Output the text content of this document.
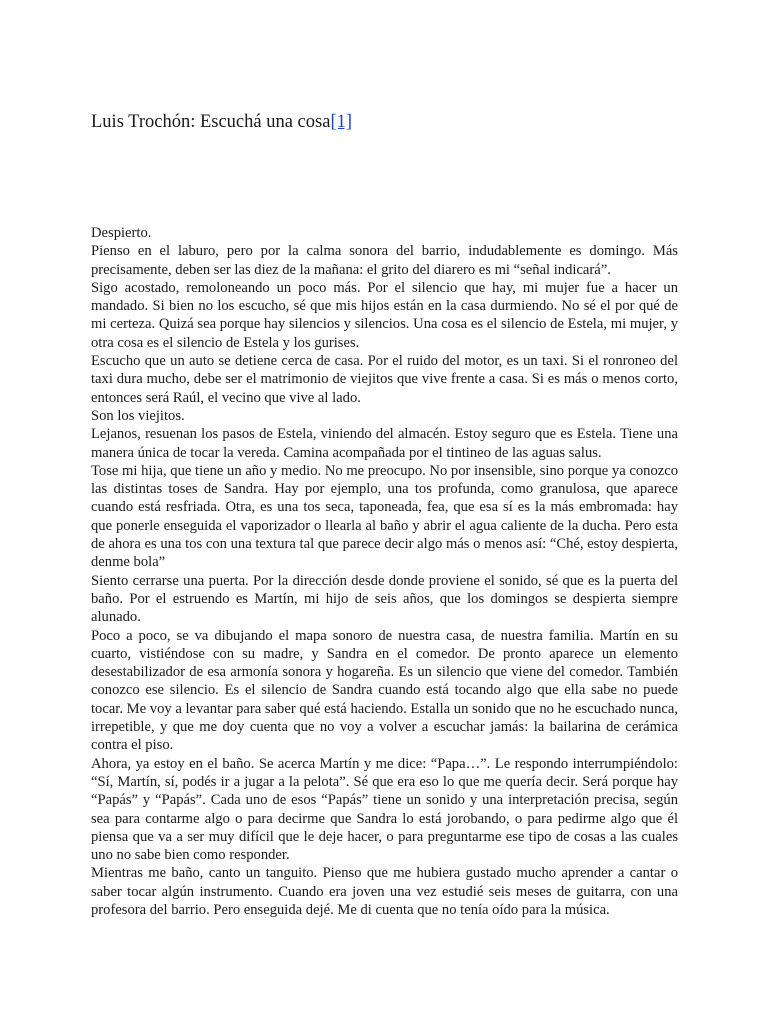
Luis Trochón: Escuchá una cosa[1]

Despierto.

Pienso en el laburo, pero por la calma sonora del barrio, indudablemente es domingo. Más precisamente, deben ser las diez de la mañana: el grito del diarero es mi “señal indicará”.

Sigo acostado, remoloneando un poco más. Por el silencio que hay, mi mujer fue a hacer un mandado. Si bien no los escucho, sé que mis hijos están en la casa durmiendo. No sé el por qué de mi certeza. Quizá sea porque hay silencios y silencios. Una cosa es el silencio de Estela, mi mujer, y otra cosa es el silencio de Estela y los gurises.

Escucho que un auto se detiene cerca de casa. Por el ruido del motor, es un taxi. Si el ronroneo del taxi dura mucho, debe ser el matrimonio de viejitos que vive frente a casa. Si es más o menos corto, entonces será Raúl, el vecino que vive al lado.

Son los viejitos.

Lejanos, resuenan los pasos de Estela, viniendo del almacén. Estoy seguro que es Estela. Tiene una manera única de tocar la vereda. Camina acompañada por el tintineo de las aguas salus.

Tose mi hija, que tiene un año y medio. No me preocupo. No por insensible, sino porque ya conozco las distintas toses de Sandra. Hay por ejemplo, una tos profunda, como granulosa, que aparece cuando está resfriada. Otra, es una tos seca, taponeada, fea, que esa sí es la más embromada: hay que ponerle enseguida el vaporizador o llearla al baño y abrir el agua caliente de la ducha. Pero esta de ahora es una tos con una textura tal que parece decir algo más o menos así: “Ché, estoy despierta, denme bola”

Siento cerrarse una puerta. Por la dirección desde donde proviene el sonido, sé que es la puerta del baño. Por el estruendo es Martín, mi hijo de seis años, que los domingos se despierta siempre alunado.

Poco a poco, se va dibujando el mapa sonoro de nuestra casa, de nuestra familia. Martín en su cuarto, vistiéndose con su madre, y Sandra en el comedor. De pronto aparece un elemento desestabilizador de esa armonía sonora y hogareña. Es un silencio que viene del comedor. También conozco ese silencio. Es el silencio de Sandra cuando está tocando algo que ella sabe no puede tocar. Me voy a levantar para saber qué está haciendo. Estalla un sonido que no he escuchado nunca, irrepetible, y que me doy cuenta que no voy a volver a escuchar jamás: la bailarina de cerámica contra el piso.

Ahora, ya estoy en el baño. Se acerca Martín y me dice: “Papa…”. Le respondo interrumpiéndolo: “Sí, Martín, sí, podés ir a jugar a la pelota”. Sé que era eso lo que me quería decir. Será porque hay “Papás” y “Papás”. Cada uno de esos “Papás” tiene un sonido y una interpretación precisa, según sea para contarme algo o para decirme que Sandra lo está jorobando, o para pedirme algo que él piensa que va a ser muy difícil que le deje hacer, o para preguntarme ese tipo de cosas a las cuales uno no sabe bien como responder.

Mientras me baño, canto un tanguito. Pienso que me hubiera gustado mucho aprender a cantar o saber tocar algún instrumento. Cuando era joven una vez estudié seis meses de guitarra, con una profesora del barrio. Pero enseguida dejé. Me di cuenta que no tenía oído para la música.
